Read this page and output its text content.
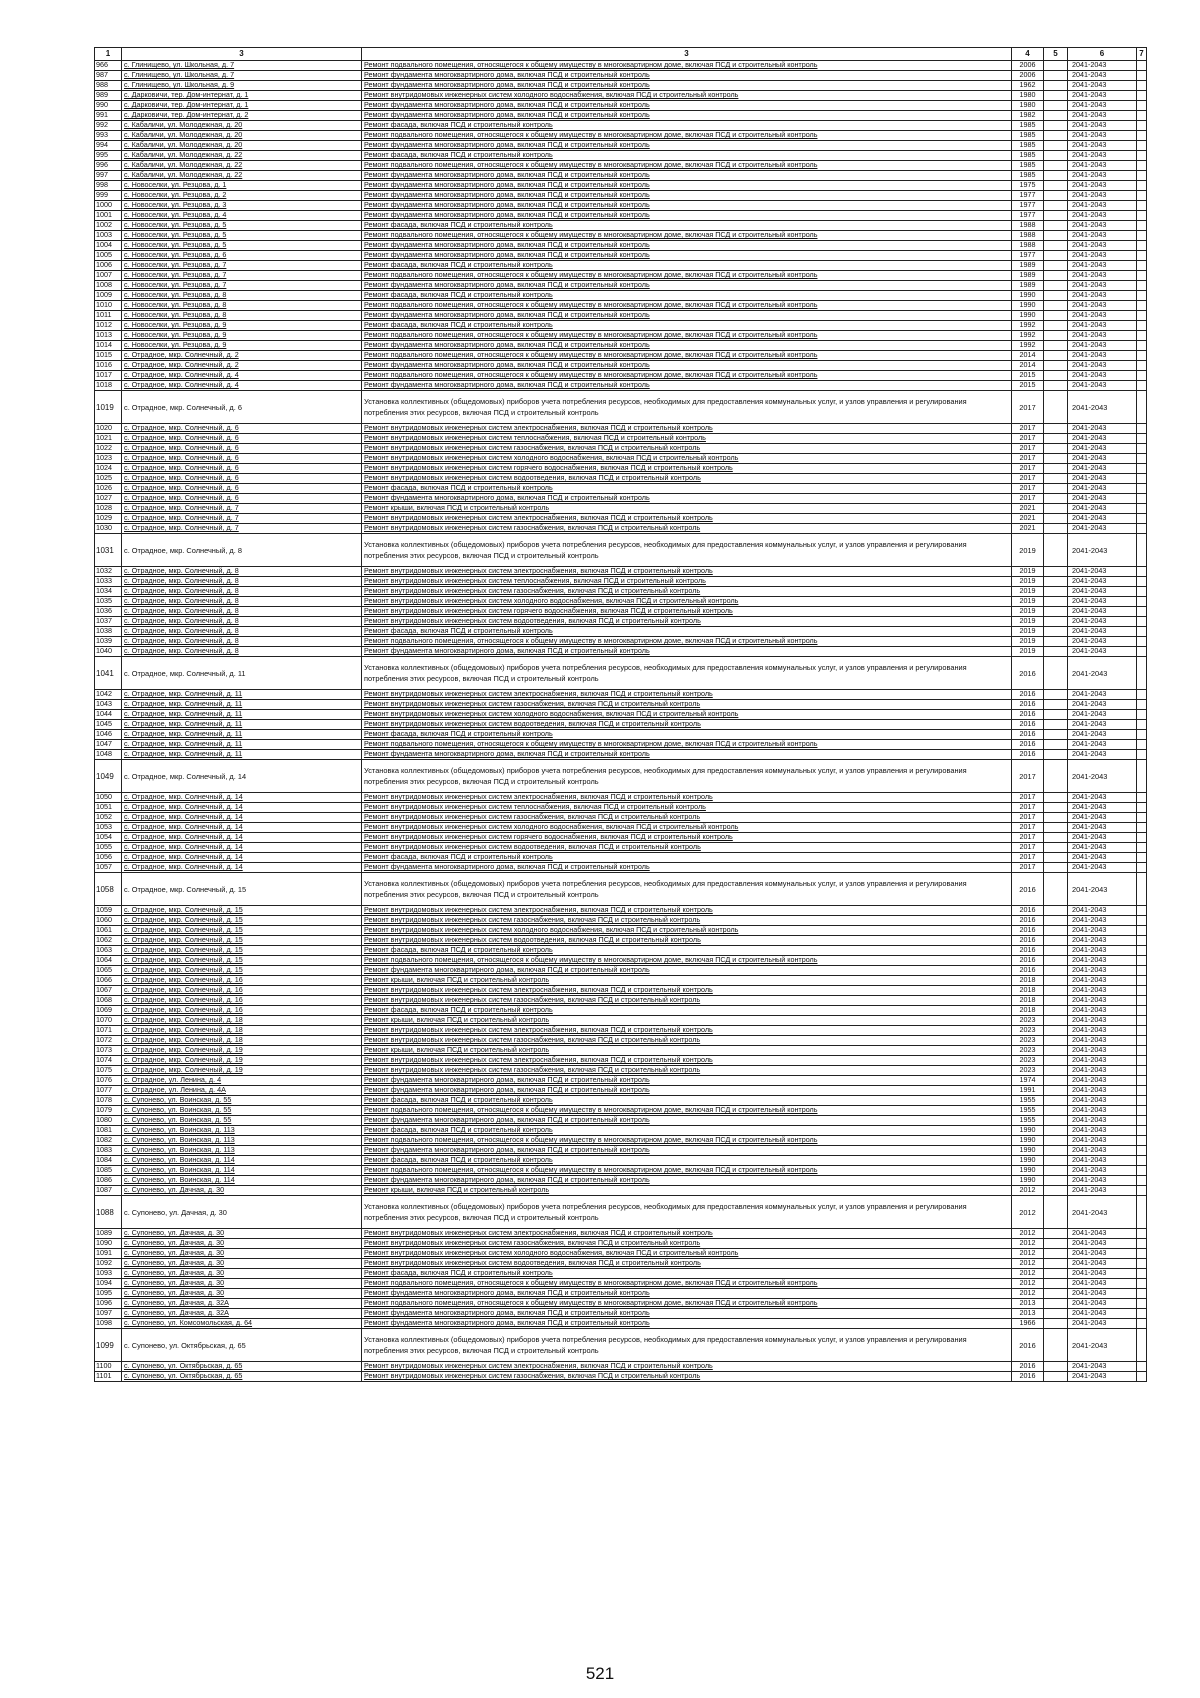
1	3	3	4	5	6	7
966	с. Глинищево, ул. Школьная, д. 7	Ремонт подвального помещения, относящегося к общему имуществу в многоквартирном доме, включая ПСД и строительный контроль	2006		2041-2043	
987	с. Глинищево, ул. Школьная, д. 7	Ремонт фундамента многоквартирного дома, включая ПСД и строительный контроль	2006		2041-2043	
988	с. Глинищево, ул. Школьная, д. 9	Ремонт фундамента многоквартирного дома, включая ПСД и строительный контроль	1962		2041-2043	
989	с. Дарковичи, тер. Дом-интернат, д. 1	Ремонт внутридомовых инженерных систем холодного водоснабжения, включая ПСД и строительный контроль	1980		2041-2043	
990	с. Дарковичи, тер. Дом-интернат, д. 1	Ремонт фундамента многоквартирного дома, включая ПСД и строительный контроль	1980		2041-2043	
991	с. Дарковичи, тер. Дом-интернат, д. 2	Ремонт фундамента многоквартирного дома, включая ПСД и строительный контроль	1982		2041-2043	
992	с. Кабаличи, ул. Молодежная, д. 20	Ремонт фасада, включая ПСД и строительный контроль	1985		2041-2043	
993	с. Кабаличи, ул. Молодежная, д. 20	Ремонт подвального помещения, относящегося к общему имуществу в многоквартирном доме, включая ПСД и строительный контроль	1985		2041-2043	
994	с. Кабаличи, ул. Молодежная, д. 20	Ремонт фундамента многоквартирного дома, включая ПСД и строительный контроль	1985		2041-2043	
995	с. Кабаличи, ул. Молодежная, д. 22	Ремонт фасада, включая ПСД и строительный контроль	1985		2041-2043	
996	с. Кабаличи, ул. Молодежная, д. 22	Ремонт подвального помещения, относящегося к общему имуществу в многоквартирном доме, включая ПСД и строительный контроль	1985		2041-2043	
997	с. Кабаличи, ул. Молодежная, д. 22	Ремонт фундамента многоквартирного дома, включая ПСД и строительный контроль	1985		2041-2043	
998	с. Новоселки, ул. Резцова, д. 1	Ремонт фундамента многоквартирного дома, включая ПСД и строительный контроль	1975		2041-2043	
999	с. Новоселки, ул. Резцова, д. 2	Ремонт фундамента многоквартирного дома, включая ПСД и строительный контроль	1977		2041-2043	
1000	с. Новоселки, ул. Резцова, д. 3	Ремонт фундамента многоквартирного дома, включая ПСД и строительный контроль	1977		2041-2043	
1001	с. Новоселки, ул. Резцова, д. 4	Ремонт фундамента многоквартирного дома, включая ПСД и строительный контроль	1977		2041-2043	
1002	с. Новоселки, ул. Резцова, д. 5	Ремонт фасада, включая ПСД и строительный контроль	1988		2041-2043	
1003	с. Новоселки, ул. Резцова, д. 5	Ремонт подвального помещения, относящегося к общему имуществу в многоквартирном доме, включая ПСД и строительный контроль	1988		2041-2043	
1004	с. Новоселки, ул. Резцова, д. 5	Ремонт фундамента многоквартирного дома, включая ПСД и строительный контроль	1988		2041-2043	
1005	с. Новоселки, ул. Резцова, д. 6	Ремонт фундамента многоквартирного дома, включая ПСД и строительный контроль	1977		2041-2043	
1006	с. Новоселки, ул. Резцова, д. 7	Ремонт фасада, включая ПСД и строительный контроль	1989		2041-2043	
1007	с. Новоселки, ул. Резцова, д. 7	Ремонт подвального помещения, относящегося к общему имуществу в многоквартирном доме, включая ПСД и строительный контроль	1989		2041-2043	
1008	с. Новоселки, ул. Резцова, д. 7	Ремонт фундамента многоквартирного дома, включая ПСД и строительный контроль	1989		2041-2043	
1009	с. Новоселки, ул. Резцова, д. 8	Ремонт фасада, включая ПСД и строительный контроль	1990		2041-2043	
1010	с. Новоселки, ул. Резцова, д. 8	Ремонт подвального помещения, относящегося к общему имуществу в многоквартирном доме, включая ПСД и строительный контроль	1990		2041-2043	
1011	с. Новоселки, ул. Резцова, д. 8	Ремонт фундамента многоквартирного дома, включая ПСД и строительный контроль	1990		2041-2043	
1012	с. Новоселки, ул. Резцова, д. 9	Ремонт фасада, включая ПСД и строительный контроль	1992		2041-2043	
1013	с. Новоселки, ул. Резцова, д. 9	Ремонт подвального помещения, относящегося к общему имуществу в многоквартирном доме, включая ПСД и строительный контроль	1992		2041-2043	
1014	с. Новоселки, ул. Резцова, д. 9	Ремонт фундамента многоквартирного дома, включая ПСД и строительный контроль	1992		2041-2043	
1015	с. Отрадное, мкр. Солнечный, д. 2	Ремонт подвального помещения, относящегося к общему имуществу в многоквартирном доме, включая ПСД и строительный контроль	2014		2041-2043	
1016	с. Отрадное, мкр. Солнечный, д. 2	Ремонт фундамента многоквартирного дома, включая ПСД и строительный контроль	2014		2041-2043	
1017	с. Отрадное, мкр. Солнечный, д. 4	Ремонт подвального помещения, относящегося к общему имуществу в многоквартирном доме, включая ПСД и строительный контроль	2015		2041-2043	
1018	с. Отрадное, мкр. Солнечный, д. 4	Ремонт фундамента многоквартирного дома, включая ПСД и строительный контроль	2015		2041-2043	
1019	с. Отрадное, мкр. Солнечный, д. 6	Установка коллективных (общедомовых) приборов учета потребления ресурсов, необходимых для предоставления коммунальных услуг, и узлов управления и регулирования потребления этих ресурсов, включая ПСД и строительный контроль	2017		2041-2043	
1020	с. Отрадное, мкр. Солнечный, д. 6	Ремонт внутридомовых инженерных систем электроснабжения, включая ПСД и строительный контроль	2017		2041-2043	
1021	с. Отрадное, мкр. Солнечный, д. 6	Ремонт внутридомовых инженерных систем теплоснабжения, включая ПСД и строительный контроль	2017		2041-2043	
1022	с. Отрадное, мкр. Солнечный, д. 6	Ремонт внутридомовых инженерных систем газоснабжения, включая ПСД и строительный контроль	2017		2041-2043	
1023	с. Отрадное, мкр. Солнечный, д. 6	Ремонт внутридомовых инженерных систем холодного водоснабжения, включая ПСД и строительный контроль	2017		2041-2043	
1024	с. Отрадное, мкр. Солнечный, д. 6	Ремонт внутридомовых инженерных систем горячего водоснабжения, включая ПСД и строительный контроль	2017		2041-2043	
1025	с. Отрадное, мкр. Солнечный, д. 6	Ремонт внутридомовых инженерных систем водоотведения, включая ПСД и строительный контроль	2017		2041-2043	
1026	с. Отрадное, мкр. Солнечный, д. 6	Ремонт фасада, включая ПСД и строительный контроль	2017		2041-2043	
1027	с. Отрадное, мкр. Солнечный, д. 6	Ремонт фундамента многоквартирного дома, включая ПСД и строительный контроль	2017		2041-2043	
1028	с. Отрадное, мкр. Солнечный, д. 7	Ремонт крыши, включая ПСД и строительный контроль	2021		2041-2043	
1029	с. Отрадное, мкр. Солнечный, д. 7	Ремонт внутридомовых инженерных систем электроснабжения, включая ПСД и строительный контроль	2021		2041-2043	
1030	с. Отрадное, мкр. Солнечный, д. 7	Ремонт внутридомовых инженерных систем газоснабжения, включая ПСД и строительный контроль	2021		2041-2043	
1031	с. Отрадное, мкр. Солнечный, д. 8	Установка коллективных (общедомовых) приборов учета потребления ресурсов, необходимых для предоставления коммунальных услуг, и узлов управления и регулирования потребления этих ресурсов, включая ПСД и строительный контроль	2019		2041-2043	
1032	с. Отрадное, мкр. Солнечный, д. 8	Ремонт внутридомовых инженерных систем электроснабжения, включая ПСД и строительный контроль	2019		2041-2043	
1033	с. Отрадное, мкр. Солнечный, д. 8	Ремонт внутридомовых инженерных систем теплоснабжения, включая ПСД и строительный контроль	2019		2041-2043	
1034	с. Отрадное, мкр. Солнечный, д. 8	Ремонт внутридомовых инженерных систем газоснабжения, включая ПСД и строительный контроль	2019		2041-2043	
1035	с. Отрадное, мкр. Солнечный, д. 8	Ремонт внутридомовых инженерных систем холодного водоснабжения, включая ПСД и строительный контроль	2019		2041-2043	
1036	с. Отрадное, мкр. Солнечный, д. 8	Ремонт внутридомовых инженерных систем горячего водоснабжения, включая ПСД и строительный контроль	2019		2041-2043	
1037	с. Отрадное, мкр. Солнечный, д. 8	Ремонт внутридомовых инженерных систем водоотведения, включая ПСД и строительный контроль	2019		2041-2043	
1038	с. Отрадное, мкр. Солнечный, д. 8	Ремонт фасада, включая ПСД и строительный контроль	2019		2041-2043	
1039	с. Отрадное, мкр. Солнечный, д. 8	Ремонт подвального помещения, относящегося к общему имуществу в многоквартирном доме, включая ПСД и строительный контроль	2019		2041-2043	
1040	с. Отрадное, мкр. Солнечный, д. 8	Ремонт фундамента многоквартирного дома, включая ПСД и строительный контроль	2019		2041-2043	
1041	с. Отрадное, мкр. Солнечный, д. 11	Установка коллективных (общедомовых) приборов учета потребления ресурсов, необходимых для предоставления коммунальных услуг, и узлов управления и регулирования потребления этих ресурсов, включая ПСД и строительный контроль	2016		2041-2043	
1042	с. Отрадное, мкр. Солнечный, д. 11	Ремонт внутридомовых инженерных систем электроснабжения, включая ПСД и строительный контроль	2016		2041-2043	
1043	с. Отрадное, мкр. Солнечный, д. 11	Ремонт внутридомовых инженерных систем газоснабжения, включая ПСД и строительный контроль	2016		2041-2043	
1044	с. Отрадное, мкр. Солнечный, д. 11	Ремонт внутридомовых инженерных систем холодного водоснабжения, включая ПСД и строительный контроль	2016		2041-2043	
1045	с. Отрадное, мкр. Солнечный, д. 11	Ремонт внутридомовых инженерных систем водоотведения, включая ПСД и строительный контроль	2016		2041-2043	
1046	с. Отрадное, мкр. Солнечный, д. 11	Ремонт фасада, включая ПСД и строительный контроль	2016		2041-2043	
1047	с. Отрадное, мкр. Солнечный, д. 11	Ремонт подвального помещения, относящегося к общему имуществу в многоквартирном доме, включая ПСД и строительный контроль	2016		2041-2043	
1048	с. Отрадное, мкр. Солнечный, д. 11	Ремонт фундамента многоквартирного дома, включая ПСД и строительный контроль	2016		2041-2043	
1049	с. Отрадное, мкр. Солнечный, д. 14	Установка коллективных (общедомовых) приборов учета потребления ресурсов, необходимых для предоставления коммунальных услуг, и узлов управления и регулирования потребления этих ресурсов, включая ПСД и строительный контроль	2017		2041-2043	
1050	с. Отрадное, мкр. Солнечный, д. 14	Ремонт внутридомовых инженерных систем электроснабжения, включая ПСД и строительный контроль	2017		2041-2043	
1051	с. Отрадное, мкр. Солнечный, д. 14	Ремонт внутридомовых инженерных систем теплоснабжения, включая ПСД и строительный контроль	2017		2041-2043	
1052	с. Отрадное, мкр. Солнечный, д. 14	Ремонт внутридомовых инженерных систем газоснабжения, включая ПСД и строительный контроль	2017		2041-2043	
1053	с. Отрадное, мкр. Солнечный, д. 14	Ремонт внутридомовых инженерных систем холодного водоснабжения, включая ПСД и строительный контроль	2017		2041-2043	
1054	с. Отрадное, мкр. Солнечный, д. 14	Ремонт внутридомовых инженерных систем горячего водоснабжения, включая ПСД и строительный контроль	2017		2041-2043	
1055	с. Отрадное, мкр. Солнечный, д. 14	Ремонт внутридомовых инженерных систем водоотведения, включая ПСД и строительный контроль	2017		2041-2043	
1056	с. Отрадное, мкр. Солнечный, д. 14	Ремонт фасада, включая ПСД и строительный контроль	2017		2041-2043	
1057	с. Отрадное, мкр. Солнечный, д. 14	Ремонт фундамента многоквартирного дома, включая ПСД и строительный контроль	2017		2041-2043	
1058	с. Отрадное, мкр. Солнечный, д. 15	Установка коллективных (общедомовых) приборов учета потребления ресурсов, необходимых для предоставления коммунальных услуг, и узлов управления и регулирования потребления этих ресурсов, включая ПСД и строительный контроль	2016		2041-2043	
1059	с. Отрадное, мкр. Солнечный, д. 15	Ремонт внутридомовых инженерных систем электроснабжения, включая ПСД и строительный контроль	2016		2041-2043	
1060	с. Отрадное, мкр. Солнечный, д. 15	Ремонт внутридомовых инженерных систем газоснабжения, включая ПСД и строительный контроль	2016		2041-2043	
1061	с. Отрадное, мкр. Солнечный, д. 15	Ремонт внутридомовых инженерных систем холодного водоснабжения, включая ПСД и строительный контроль	2016		2041-2043	
1062	с. Отрадное, мкр. Солнечный, д. 15	Ремонт внутридомовых инженерных систем водоотведения, включая ПСД и строительный контроль	2016		2041-2043	
1063	с. Отрадное, мкр. Солнечный, д. 15	Ремонт фасада, включая ПСД и строительный контроль	2016		2041-2043	
1064	с. Отрадное, мкр. Солнечный, д. 15	Ремонт подвального помещения, относящегося к общему имуществу в многоквартирном доме, включая ПСД и строительный контроль	2016		2041-2043	
1065	с. Отрадное, мкр. Солнечный, д. 15	Ремонт фундамента многоквартирного дома, включая ПСД и строительный контроль	2016		2041-2043	
1066	с. Отрадное, мкр. Солнечный, д. 16	Ремонт крыши, включая ПСД и строительный контроль	2018		2041-2043	
1067	с. Отрадное, мкр. Солнечный, д. 16	Ремонт внутридомовых инженерных систем электроснабжения, включая ПСД и строительный контроль	2018		2041-2043	
1068	с. Отрадное, мкр. Солнечный, д. 16	Ремонт внутридомовых инженерных систем газоснабжения, включая ПСД и строительный контроль	2018		2041-2043	
1069	с. Отрадное, мкр. Солнечный, д. 16	Ремонт фасада, включая ПСД и строительный контроль	2018		2041-2043	
1070	с. Отрадное, мкр. Солнечный, д. 18	Ремонт крыши, включая ПСД и строительный контроль	2023		2041-2043	
1071	с. Отрадное, мкр. Солнечный, д. 18	Ремонт внутридомовых инженерных систем электроснабжения, включая ПСД и строительный контроль	2023		2041-2043	
1072	с. Отрадное, мкр. Солнечный, д. 18	Ремонт внутридомовых инженерных систем газоснабжения, включая ПСД и строительный контроль	2023		2041-2043	
1073	с. Отрадное, мкр. Солнечный, д. 19	Ремонт крыши, включая ПСД и строительный контроль	2023		2041-2043	
1074	с. Отрадное, мкр. Солнечный, д. 19	Ремонт внутридомовых инженерных систем электроснабжения, включая ПСД и строительный контроль	2023		2041-2043	
1075	с. Отрадное, мкр. Солнечный, д. 19	Ремонт внутридомовых инженерных систем газоснабжения, включая ПСД и строительный контроль	2023		2041-2043	
1076	с. Отрадное, ул. Ленина, д. 4	Ремонт фундамента многоквартирного дома, включая ПСД и строительный контроль	1974		2041-2043	
1077	с. Отрадное, ул. Ленина, д. 4А	Ремонт фундамента многоквартирного дома, включая ПСД и строительный контроль	1991		2041-2043	
1078	с. Супонево, ул. Воинская, д. 55	Ремонт фасада, включая ПСД и строительный контроль	1955		2041-2043	
1079	с. Супонево, ул. Воинская, д. 55	Ремонт подвального помещения, относящегося к общему имуществу в многоквартирном доме, включая ПСД и строительный контроль	1955		2041-2043	
1080	с. Супонево, ул. Воинская, д. 55	Ремонт фундамента многоквартирного дома, включая ПСД и строительный контроль	1955		2041-2043	
1081	с. Супонево, ул. Воинская, д. 113	Ремонт фасада, включая ПСД и строительный контроль	1990		2041-2043	
1082	с. Супонево, ул. Воинская, д. 113	Ремонт подвального помещения, относящегося к общему имуществу в многоквартирном доме, включая ПСД и строительный контроль	1990		2041-2043	
1083	с. Супонево, ул. Воинская, д. 113	Ремонт фундамента многоквартирного дома, включая ПСД и строительный контроль	1990		2041-2043	
1084	с. Супонево, ул. Воинская, д. 114	Ремонт фасада, включая ПСД и строительный контроль	1990		2041-2043	
1085	с. Супонево, ул. Воинская, д. 114	Ремонт подвального помещения, относящегося к общему имуществу в многоквартирном доме, включая ПСД и строительный контроль	1990		2041-2043	
1086	с. Супонево, ул. Воинская, д. 114	Ремонт фундамента многоквартирного дома, включая ПСД и строительный контроль	1990		2041-2043	
1087	с. Супонево, ул. Дачная, д. 30	Ремонт крыши, включая ПСД и строительный контроль	2012		2041-2043	
1088	с. Супонево, ул. Дачная, д. 30	Установка коллективных (общедомовых) приборов учета потребления ресурсов, необходимых для предоставления коммунальных услуг, и узлов управления и регулирования потребления этих ресурсов, включая ПСД и строительный контроль	2012		2041-2043	
1089	с. Супонево, ул. Дачная, д. 30	Ремонт внутридомовых инженерных систем электроснабжения, включая ПСД и строительный контроль	2012		2041-2043	
1090	с. Супонево, ул. Дачная, д. 30	Ремонт внутридомовых инженерных систем газоснабжения, включая ПСД и строительный контроль	2012		2041-2043	
1091	с. Супонево, ул. Дачная, д. 30	Ремонт внутридомовых инженерных систем холодного водоснабжения, включая ПСД и строительный контроль	2012		2041-2043	
1092	с. Супонево, ул. Дачная, д. 30	Ремонт внутридомовых инженерных систем водоотведения, включая ПСД и строительный контроль	2012		2041-2043	
1093	с. Супонево, ул. Дачная, д. 30	Ремонт фасада, включая ПСД и строительный контроль	2012		2041-2043	
1094	с. Супонево, ул. Дачная, д. 30	Ремонт подвального помещения, относящегося к общему имуществу в многоквартирном доме, включая ПСД и строительный контроль	2012		2041-2043	
1095	с. Супонево, ул. Дачная, д. 30	Ремонт фундамента многоквартирного дома, включая ПСД и строительный контроль	2012		2041-2043	
1096	с. Супонево, ул. Дачная, д. 32А	Ремонт подвального помещения, относящегося к общему имуществу в многоквартирном доме, включая ПСД и строительный контроль	2013		2041-2043	
1097	с. Супонево, ул. Дачная, д. 32А	Ремонт фундамента многоквартирного дома, включая ПСД и строительный контроль	2013		2041-2043	
1098	с. Супонево, ул. Комсомольская, д. 64	Ремонт фундамента многоквартирного дома, включая ПСД и строительный контроль	1966		2041-2043	
1099	с. Супонево, ул. Октябрьская, д. 65	Установка коллективных (общедомовых) приборов учета потребления ресурсов, необходимых для предоставления коммунальных услуг, и узлов управления и регулирования потребления этих ресурсов, включая ПСД и строительный контроль	2016		2041-2043	
1100	с. Супонево, ул. Октябрьская, д. 65	Ремонт внутридомовых инженерных систем электроснабжения, включая ПСД и строительный контроль	2016		2041-2043	
1101	с. Супонево, ул. Октябрьская, д. 65	Ремонт внутридомовых инженерных систем газоснабжения, включая ПСД и строительный контроль	2016		2041-2043	
521
